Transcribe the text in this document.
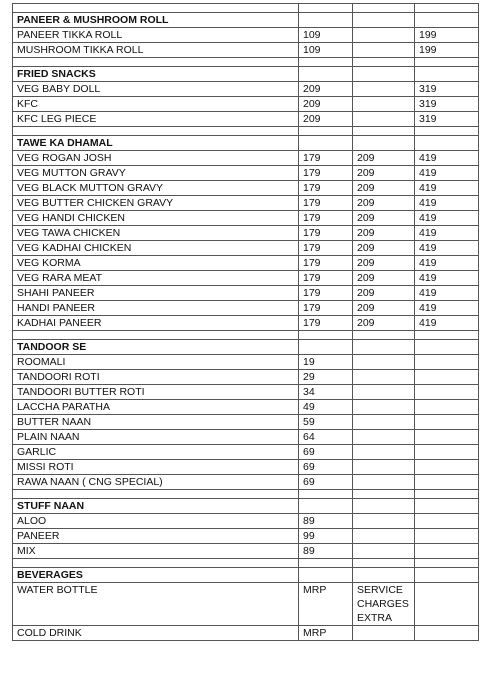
PANEER & MUSHROOM ROLL			
PANEER TIKKA ROLL	109		199
MUSHROOM TIKKA ROLL	109		199

FRIED SNACKS			
VEG BABY DOLL	209		319
KFC	209		319
KFC LEG PIECE	209		319

TAWE KA DHAMAL			
VEG ROGAN JOSH	179	209	419
VEG MUTTON GRAVY	179	209	419
VEG BLACK MUTTON GRAVY	179	209	419
VEG BUTTER CHICKEN GRAVY	179	209	419
VEG HANDI CHICKEN	179	209	419
VEG TAWA CHICKEN	179	209	419
VEG KADHAI CHICKEN	179	209	419
VEG KORMA	179	209	419
VEG RARA MEAT	179	209	419
SHAHI PANEER	179	209	419
HANDI PANEER	179	209	419
KADHAI PANEER	179	209	419

TANDOOR SE			
ROOMALI	19		
TANDOORI ROTI	29		
TANDOORI BUTTER ROTI	34		
LACCHA PARATHA	49		
BUTTER NAAN	59		
PLAIN NAAN	64		
GARLIC	69		
MISSI ROTI	69		
RAWA NAAN ( CNG SPECIAL)	69		

STUFF NAAN			
ALOO	89		
PANEER	99		
MIX	89		

BEVERAGES			
WATER BOTTLE	MRP	SERVICE
CHARGES
EXTRA	
COLD DRINK	MRP		
